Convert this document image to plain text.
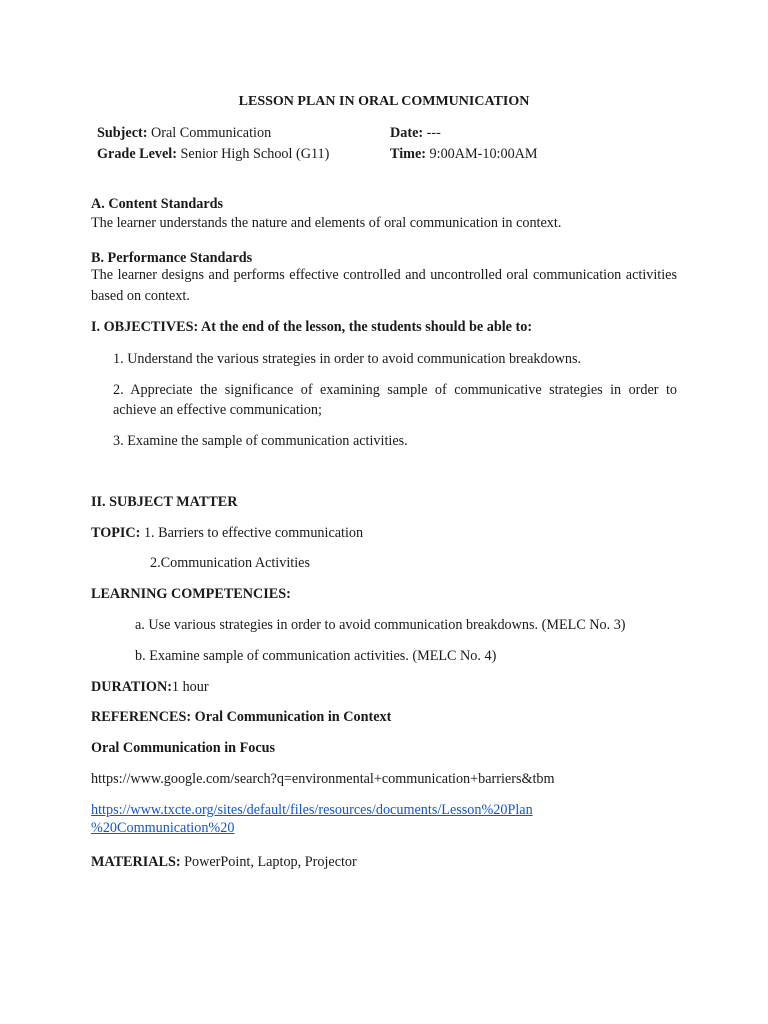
LESSON PLAN IN ORAL COMMUNICATION
Subject: Oral Communication	Date: ---
Grade Level: Senior High School (G11)	Time: 9:00AM-10:00AM
A. Content Standards
The learner understands the nature and elements of oral communication in context.
B. Performance Standards
The learner designs and performs effective controlled and uncontrolled oral communication activities based on context.
I. OBJECTIVES: At the end of the lesson, the students should be able to:
1. Understand the various strategies in order to avoid communication breakdowns.
2. Appreciate the significance of examining sample of communicative strategies in order to achieve an effective communication;
3. Examine the sample of communication activities.
II. SUBJECT MATTER
TOPIC: 1. Barriers to effective communication
2.Communication Activities
LEARNING COMPETENCIES:
a. Use various strategies in order to avoid communication breakdowns. (MELC No. 3)
b. Examine sample of communication activities. (MELC No. 4)
DURATION:1 hour
REFERENCES: Oral Communication in Context
Oral Communication in Focus
https://www.google.com/search?q=environmental+communication+barriers&tbm
https://www.txcte.org/sites/default/files/resources/documents/Lesson%20Plan
%20Communication%20
MATERIALS: PowerPoint, Laptop, Projector
